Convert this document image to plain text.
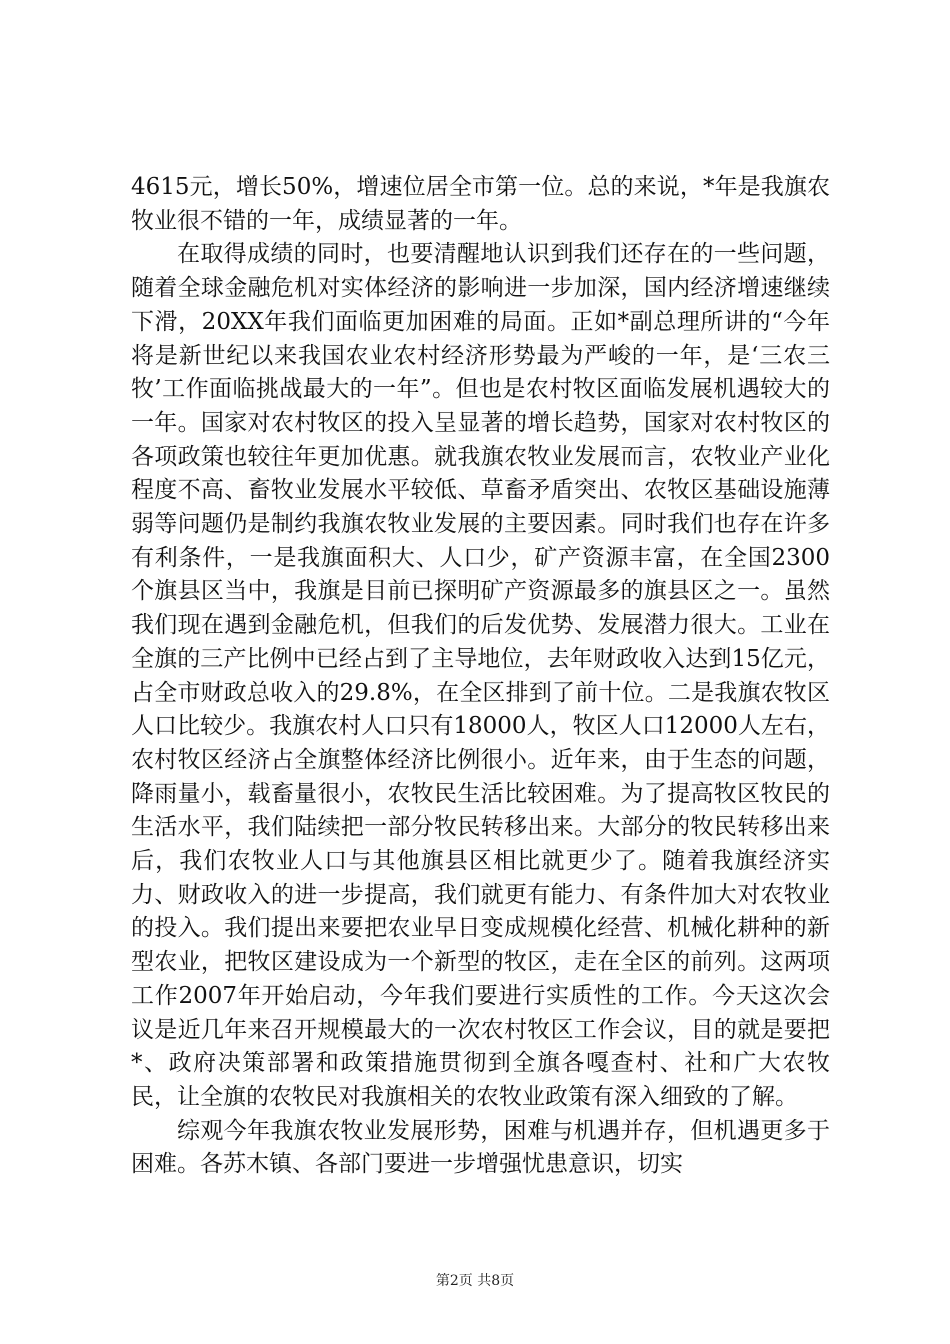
4615元，增长50%，增速位居全市第一位。总的来说，*年是我旗农牧业很不错的一年，成绩显著的一年。

在取得成绩的同时，也要清醒地认识到我们还存在的一些问题，随着全球金融危机对实体经济的影响进一步加深，国内经济增速继续下滑，20XX年我们面临更加困难的局面。正如*副总理所讲的“今年将是新世纪以来我国农业农村经济形势最为严峻的一年，是‘三农三牧’工作面临挑战最大的一年”。但也是农村牧区面临发展机遇较大的一年。国家对农村牧区的投入呈显著的增长趋势，国家对农村牧区的各项政策也较往年更加优惠。就我旗农牧业发展而言，农牧业产业化程度不高、畜牧业发展水平较低、草畜矛盾突出、农牧区基础设施薄弱等问题仍是制约我旗农牧业发展的主要因素。同时我们也存在许多有利条件，一是我旗面积大、人口少，矿产资源丰富，在全国2300个旗县区当中，我旗是目前已探明矿产资源最多的旗县区之一。虽然我们现在遇到金融危机，但我们的后发优势、发展潜力很大。工业在全旗的三产比例中已经占到了主导地位，去年财政收入达到15亿元，占全市财政总收入的29.8%，在全区排到了前十位。二是我旗农牧区人口比较少。我旗农村人口只有18000人，牧区人口12000人左右，农村牧区经济占全旗整体经济比例很小。近年来，由于生态的问题，降雨量小，载畜量很小，农牧民生活比较困难。为了提高牧区牧民的生活水平，我们陆续把一部分牧民转移出来。大部分的牧民转移出来后，我们农牧业人口与其他旗县区相比就更少了。随着我旗经济实力、财政收入的进一步提高，我们就更有能力、有条件加大对农牧业的投入。我们提出来要把农业早日变成规模化经营、机械化耕种的新型农业，把牧区建设成为一个新型的牧区，走在全区的前列。这两项工作2007年开始启动，今年我们要进行实质性的工作。今天这次会议是近几年来召开规模最大的一次农村牧区工作会议，目的就是要把*、政府决策部署和政策措施贯彻到全旗各嘎查村、社和广大农牧民，让全旗的农牧民对我旗相关的农牧业政策有深入细致的了解。

综观今年我旗农牧业发展形势，困难与机遇并存，但机遇更多于困难。各苏木镇、各部门要进一步增强忧患意识，切实

第2页 共8页
